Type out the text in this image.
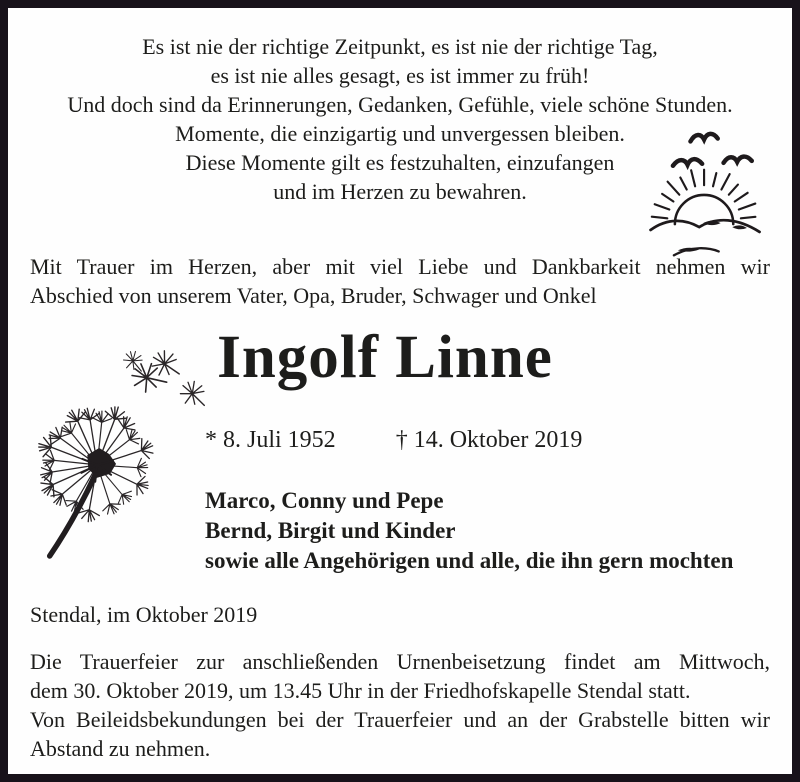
Es ist nie der richtige Zeitpunkt, es ist nie der richtige Tag,
es ist nie alles gesagt, es ist immer zu früh!
Und doch sind da Erinnerungen, Gedanken, Gefühle, viele schöne Stunden.
Momente, die einzigartig und unvergessen bleiben.
Diese Momente gilt es festzuhalten, einzufangen
und im Herzen zu bewahren.
Mit Trauer im Herzen, aber mit viel Liebe und Dankbarkeit nehmen wir
Abschied von unserem Vater, Opa, Bruder, Schwager und Onkel
Ingolf Linne
* 8. Juli 1952	† 14. Oktober 2019
Marco, Conny und Pepe
Bernd, Birgit und Kinder
sowie alle Angehörigen und alle, die ihn gern mochten
Stendal, im Oktober 2019
Die Trauerfeier zur anschließenden Urnenbeisetzung findet am Mittwoch,
dem 30. Oktober 2019, um 13.45 Uhr in der Friedhofskapelle Stendal statt.
Von Beileidsbekundungen bei der Trauerfeier und an der Grabstelle bitten wir
Abstand zu nehmen.
